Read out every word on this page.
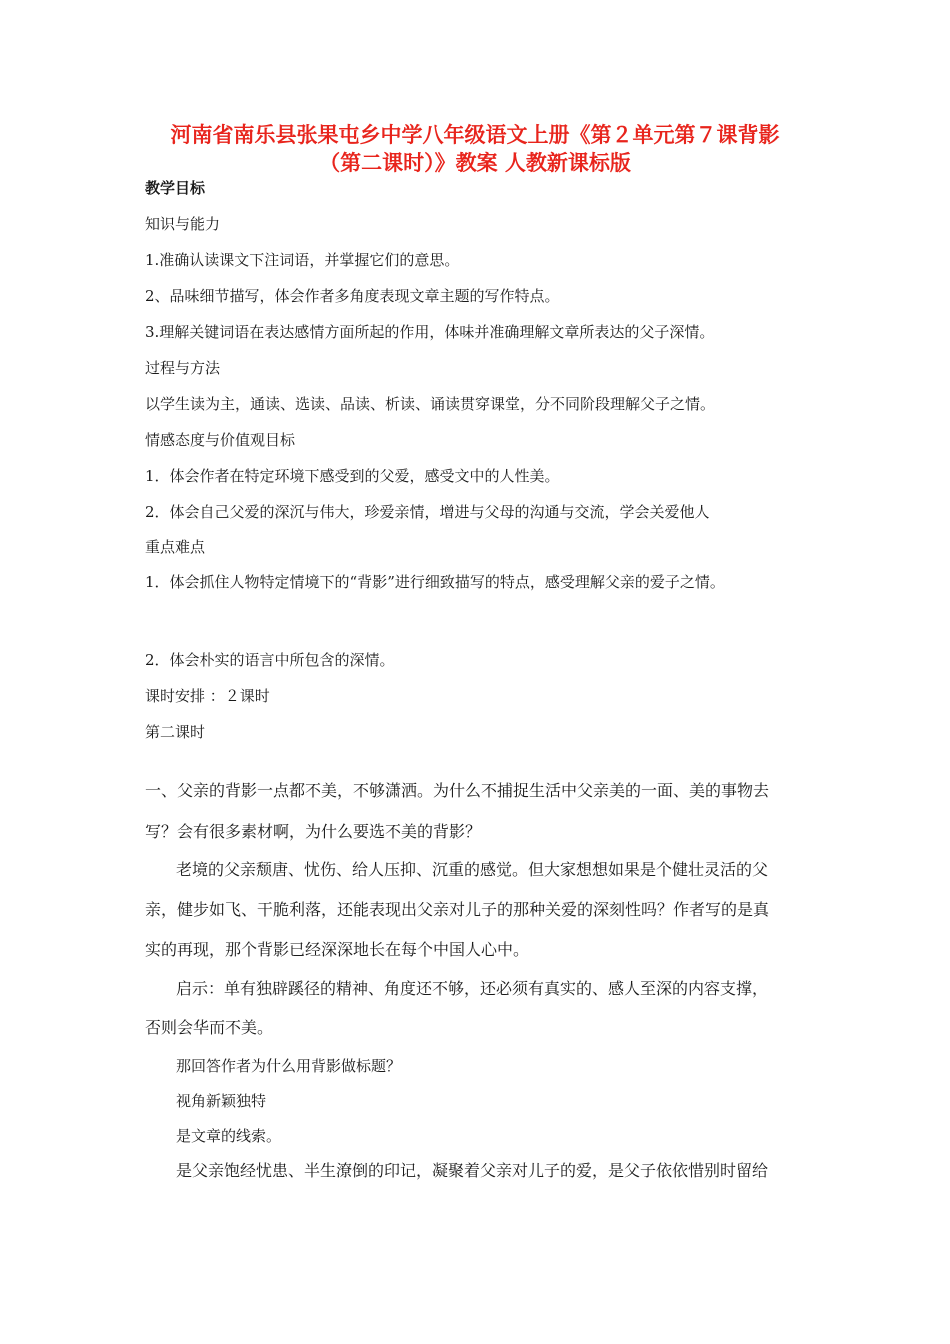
河南省南乐县张果屯乡中学八年级语文上册《第２单元第７课背影
（第二课时）》教案 人教新课标版
教学目标
知识与能力
1.准确认读课文下注词语，并掌握它们的意思。
2、品味细节描写，体会作者多角度表现文章主题的写作特点。
3.理解关键词语在表达感情方面所起的作用，体味并准确理解文章所表达的父子深情。
过程与方法
以学生读为主，通读、选读、品读、析读、诵读贯穿课堂，分不同阶段理解父子之情。
情感态度与价值观目标
1．体会作者在特定环境下感受到的父爱，感受文中的人性美。
2．体会自己父爱的深沉与伟大，珍爱亲情，增进与父母的沟通与交流，学会关爱他人
重点难点
1．体会抓住人物特定情境下的“背影”进行细致描写的特点，感受理解父亲的爱子之情。
2．体会朴实的语言中所包含的深情。
课时安排 ：２课时
第二课时
一、父亲的背影一点都不美，不够潇洒。为什么不捕捉生活中父亲美的一面、美的事物去
写？会有很多素材啊，为什么要选不美的背影？
老境的父亲颓唐、忧伤、给人压抑、沉重的感觉。但大家想想如果是个健壮灵活的父
亲，健步如飞、干脆利落，还能表现出父亲对儿子的那种关爱的深刻性吗？作者写的是真
实的再现，那个背影已经深深地长在每个中国人心中。
启示：单有独辟蹊径的精神、角度还不够，还必须有真实的、感人至深的内容支撑，
否则会华而不美。
那回答作者为什么用背影做标题？
视角新颖独特
是文章的线索。
是父亲饱经忧患、半生潦倒的印记，凝聚着父亲对儿子的爱，是父子依依惜别时留给
